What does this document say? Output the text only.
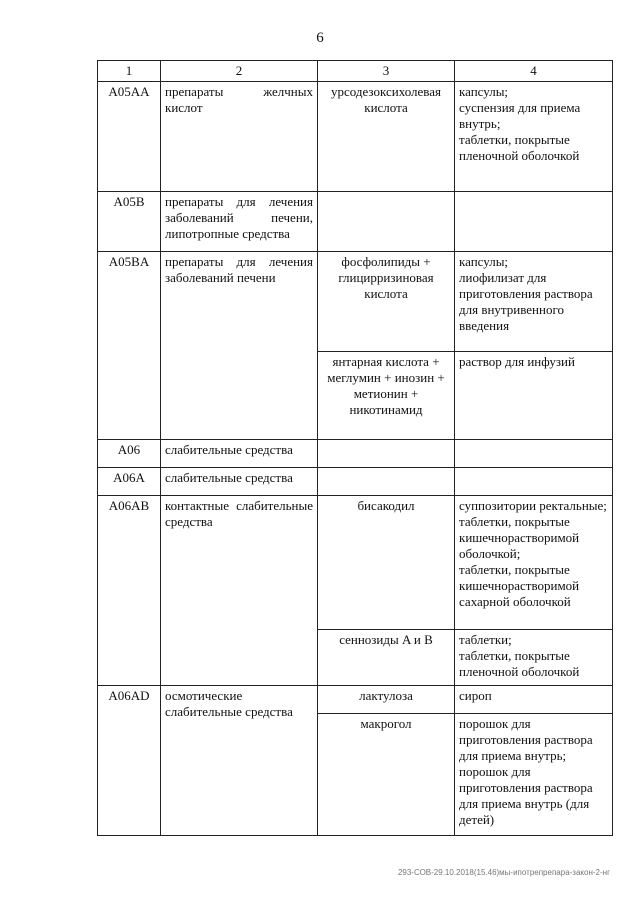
6
1	2	3	4
A05AA	препараты желчных кислот	урсодезоксихолевая кислота	капсулы;
суспензия для приема внутрь;
таблетки, покрытые пленочной оболочкой
A05B	препараты для лечения заболеваний печени, липотропные средства		
A05BA	препараты для лечения заболеваний печени	фосфолипиды + глицирризиновая кислота	капсулы;
лиофилизат для приготовления раствора для внутривенного введения
		янтарная кислота + меглумин + инозин + метионин + никотинамид	раствор для инфузий
A06	слабительные средства		
A06A	слабительные средства		
A06AB	контактные слабительные средства	бисакодил	суппозитории ректальные;
таблетки, покрытые кишечнорастворимой оболочкой;
таблетки, покрытые кишечнорастворимой сахарной оболочкой
		сеннозиды A и B	таблетки;
таблетки, покрытые пленочной оболочкой
A06AD	осмотические слабительные средства	лактулоза	сироп
		макрогол	порошок для приготовления раствора для приема внутрь;
порошок для приготовления раствора для приема внутрь (для детей)
293-СОВ-29.10.2018(15.46)мы-ипотрепрепара-закон-2-нг
